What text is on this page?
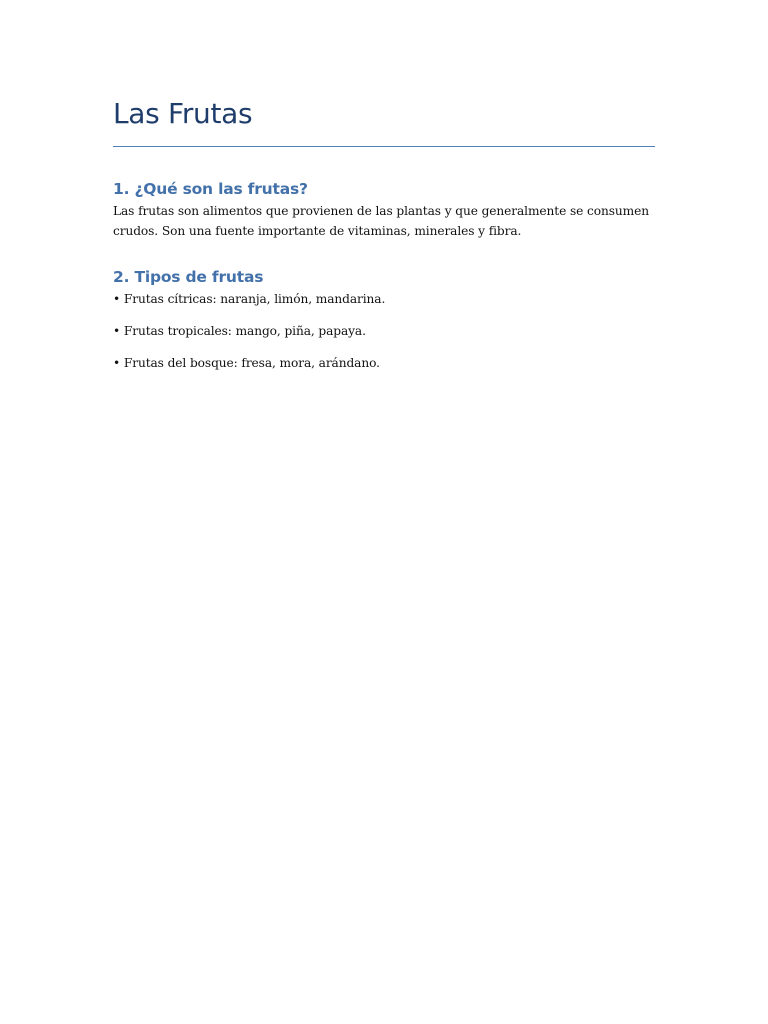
Las Frutas
1. ¿Qué son las frutas?

Las frutas son alimentos que provienen de las plantas y que generalmente se consumen crudos. Son una fuente importante de vitaminas, minerales y fibra.

2. Tipos de frutas
• Frutas cítricas: naranja, limón, mandarina.
• Frutas tropicales: mango, piña, papaya.
• Frutas del bosque: fresa, mora, arándano.
